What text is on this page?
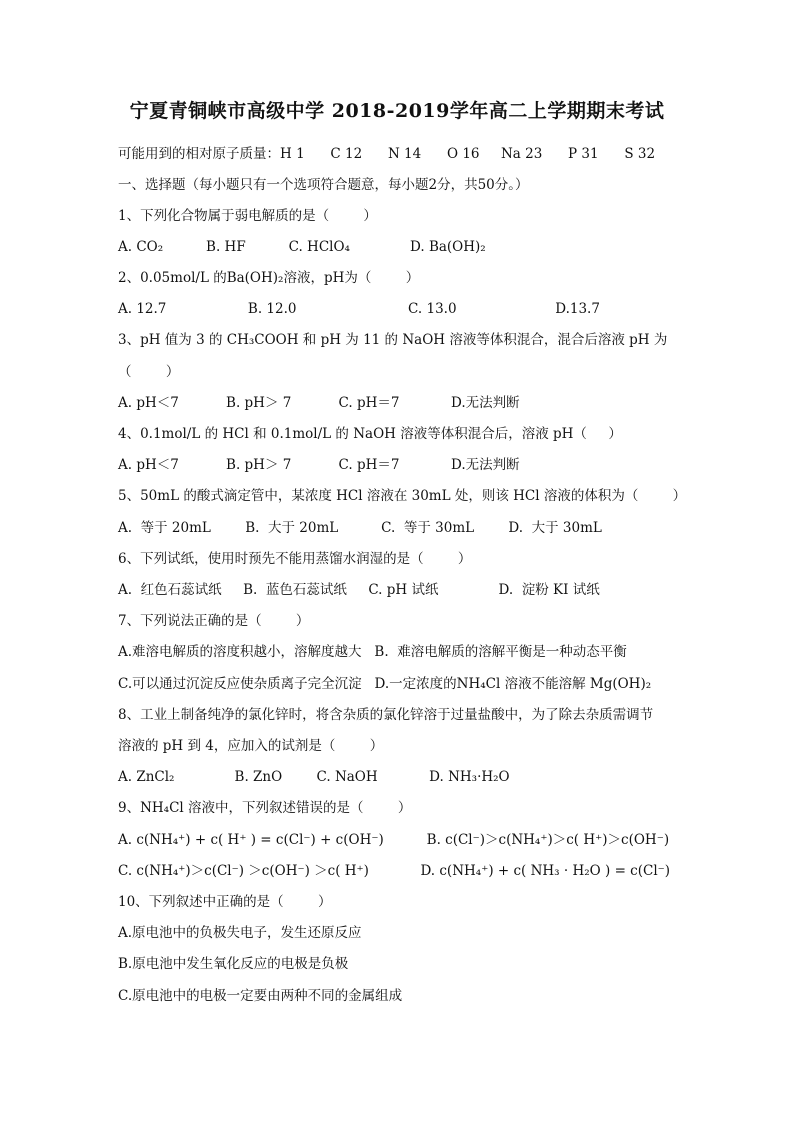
宁夏青铜峡市高级中学 2018-2019学年高二上学期期末考试
可能用到的相对原子质量：H 1      C 12      N 14      O 16     Na 23      P 31      S 32
一、选择题（每小题只有一个选项符合题意，每小题2分，共50分。）
1、下列化合物属于弱电解质的是（        ）
A. CO₂          B. HF          C. HClO₄              D. Ba(OH)₂
2、0.05mol/L 的Ba(OH)₂溶液，pH为（        ）
A. 12.7                   B. 12.0                          C. 13.0                       D.13.7
3、pH 值为 3 的 CH₃COOH 和 pH 为 11 的 NaOH 溶液等体积混合，混合后溶液 pH 为
（        ）
A. pH＜7           B. pH＞ 7           C. pH＝7            D.无法判断
4、0.1mol/L 的 HCl 和 0.1mol/L 的 NaOH 溶液等体积混合后，溶液 pH（     ）
A. pH＜7           B. pH＞ 7           C. pH＝7            D.无法判断
5、50mL 的酸式滴定管中，某浓度 HCl 溶液在 30mL 处，则该 HCl 溶液的体积为（        ）
A.  等于 20mL        B.  大于 20mL          C.  等于 30mL        D.  大于 30mL
6、下列试纸，使用时预先不能用蒸馏水润湿的是（        ）
A.  红色石蕊试纸     B.  蓝色石蕊试纸     C. pH 试纸              D.  淀粉 KI 试纸
7、下列说法正确的是（        ）
A.难溶电解质的溶度积越小，溶解度越大   B.  难溶电解质的溶解平衡是一种动态平衡
C.可以通过沉淀反应使杂质离子完全沉淀   D.一定浓度的NH₄Cl 溶液不能溶解 Mg(OH)₂
8、工业上制备纯净的氯化锌时，将含杂质的氯化锌溶于过量盐酸中，为了除去杂质需调节
溶液的 pH 到 4，应加入的试剂是（        ）
A. ZnCl₂              B. ZnO        C. NaOH            D. NH₃·H₂O
9、NH₄Cl 溶液中，下列叙述错误的是（        ）
A. c(NH₄⁺) + c( H⁺ ) = c(Cl⁻) + c(OH⁻)          B. c(Cl⁻)＞c(NH₄⁺)＞c( H⁺)＞c(OH⁻)
C. c(NH₄⁺)＞c(Cl⁻) ＞c(OH⁻) ＞c( H⁺)            D. c(NH₄⁺) + c( NH₃ · H₂O ) = c(Cl⁻)
10、下列叙述中正确的是（        ）
A.原电池中的负极失电子，发生还原反应
B.原电池中发生氧化反应的电极是负极
C.原电池中的电极一定要由两种不同的金属组成
